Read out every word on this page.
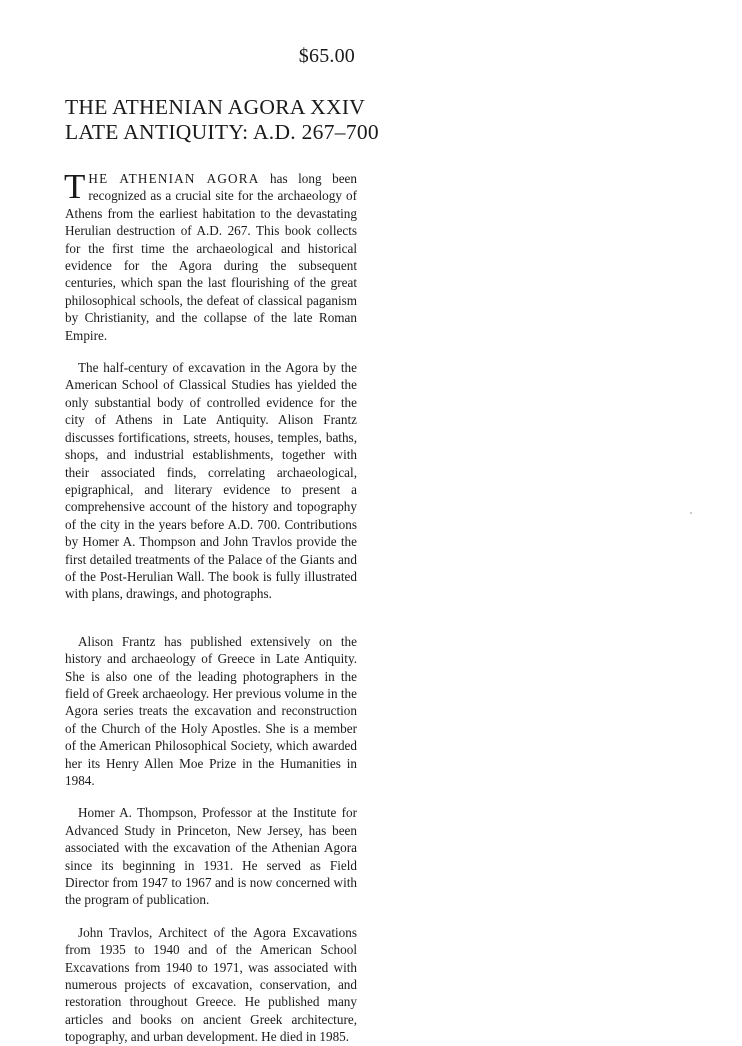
$65.00
THE ATHENIAN AGORA XXIV
LATE ANTIQUITY: A.D. 267–700

THE ATHENIAN AGORA has long been recognized as a crucial site for the archaeology of Athens from the earliest habitation to the devastating Herulian destruction of A.D. 267. This book collects for the first time the archaeological and historical evidence for the Agora during the subsequent centuries, which span the last flourishing of the great philosophical schools, the defeat of classical paganism by Christianity, and the collapse of the late Roman Empire.

The half-century of excavation in the Agora by the American School of Classical Studies has yielded the only substantial body of controlled evidence for the city of Athens in Late Antiquity. Alison Frantz discusses fortifications, streets, houses, temples, baths, shops, and industrial establishments, together with their associated finds, correlating archaeological, epigraphical, and literary evidence to present a comprehensive account of the history and topography of the city in the years before A.D. 700. Contributions by Homer A. Thompson and John Travlos provide the first detailed treatments of the Palace of the Giants and of the Post-Herulian Wall. The book is fully illustrated with plans, drawings, and photographs.

Alison Frantz has published extensively on the history and archaeology of Greece in Late Antiquity. She is also one of the leading photographers in the field of Greek archaeology. Her previous volume in the Agora series treats the excavation and reconstruction of the Church of the Holy Apostles. She is a member of the American Philosophical Society, which awarded her its Henry Allen Moe Prize in the Humanities in 1984.

Homer A. Thompson, Professor at the Institute for Advanced Study in Princeton, New Jersey, has been associated with the excavation of the Athenian Agora since its beginning in 1931. He served as Field Director from 1947 to 1967 and is now concerned with the program of publication.

John Travlos, Architect of the Agora Excavations from 1935 to 1940 and of the American School Excavations from 1940 to 1971, was associated with numerous projects of excavation, conservation, and restoration throughout Greece. He published many articles and books on ancient Greek architecture, topography, and urban development. He died in 1985.
